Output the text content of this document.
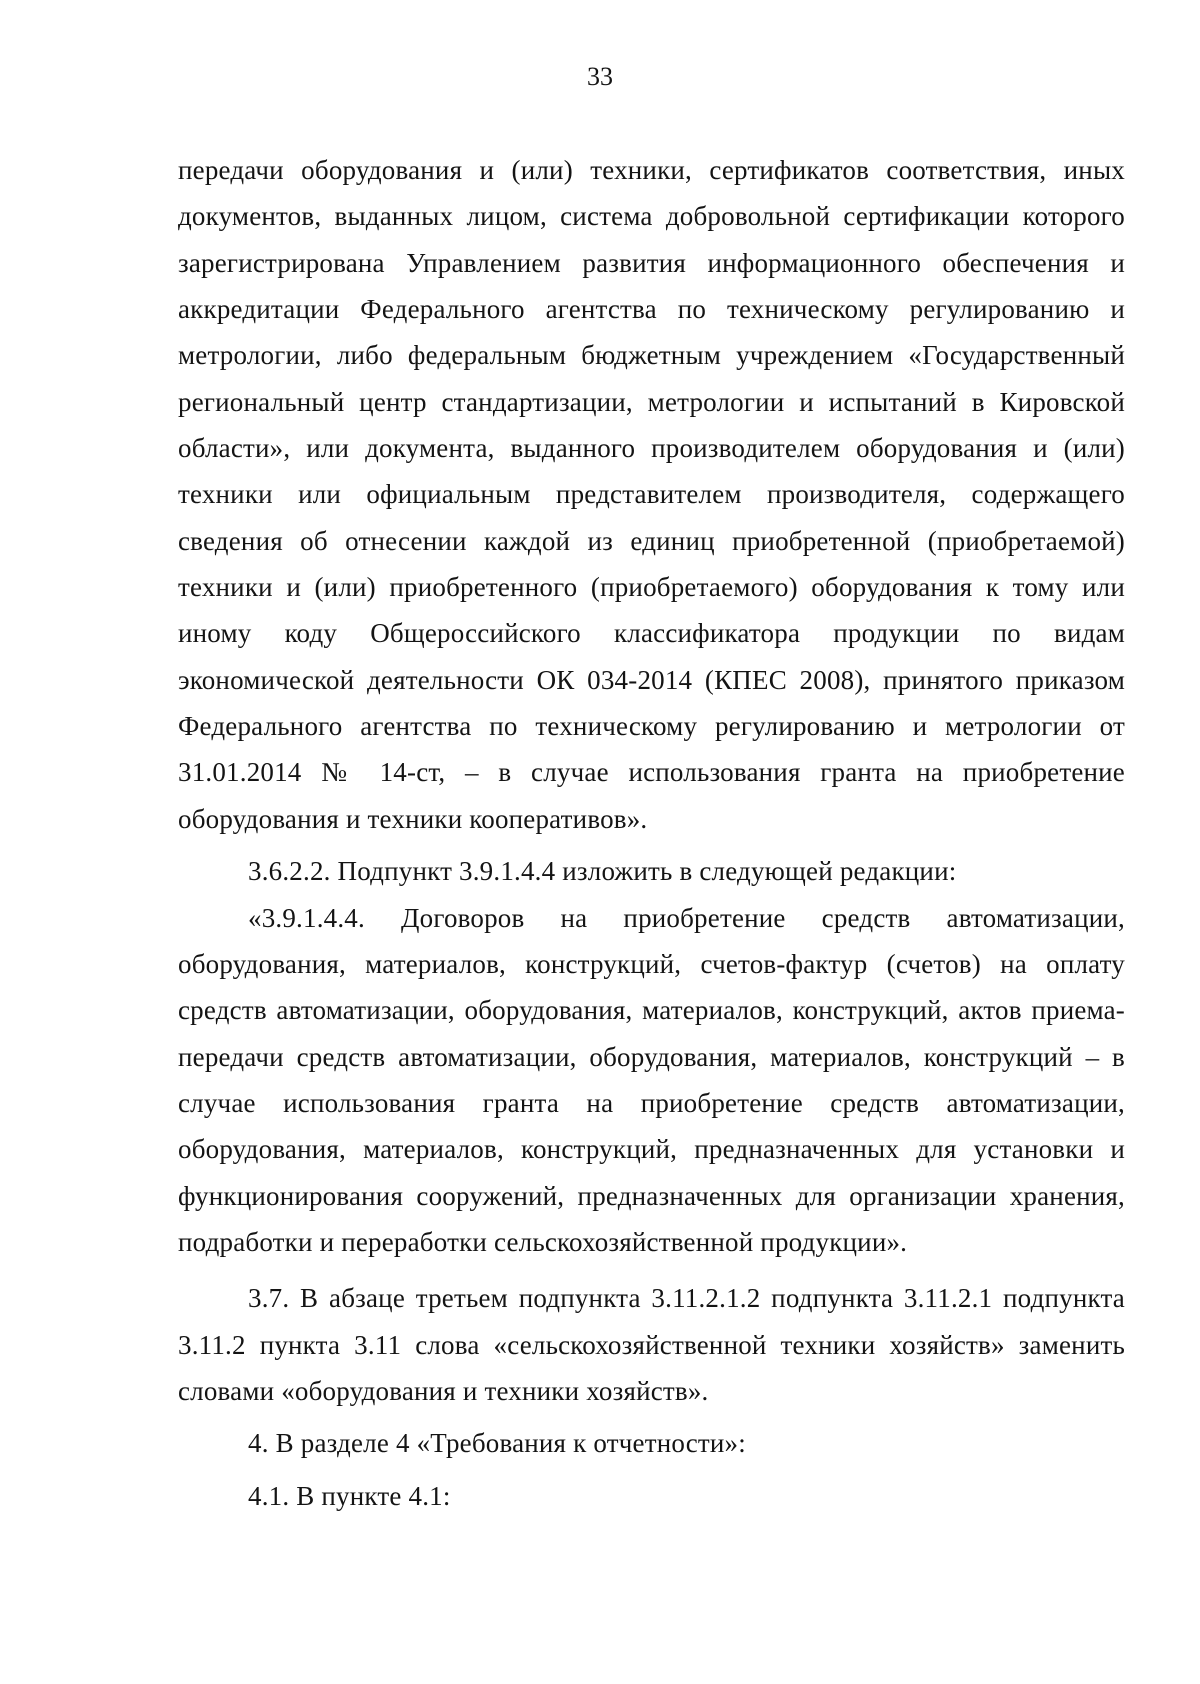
33

передачи оборудования и (или) техники, сертификатов соответствия, иных документов, выданных лицом, система добровольной сертификации которого зарегистрирована Управлением развития информационного обеспечения и аккредитации Федерального агентства по техническому регулированию и метрологии, либо федеральным бюджетным учреждением «Государственный региональный центр стандартизации, метрологии и испытаний в Кировской области», или документа, выданного производителем оборудования и (или) техники или официальным представителем производителя, содержащего сведения об отнесении каждой из единиц приобретенной (приобретаемой) техники и (или) приобретенного (приобретаемого) оборудования к тому или иному коду Общероссийского классификатора продукции по видам экономической деятельности ОК 034-2014 (КПЕС 2008), принятого приказом Федерального агентства по техническому регулированию и метрологии от 31.01.2014 № 14-ст, – в случае использования гранта на приобретение оборудования и техники кооперативов».

3.6.2.2. Подпункт 3.9.1.4.4 изложить в следующей редакции:

«3.9.1.4.4. Договоров на приобретение средств автоматизации, оборудования, материалов, конструкций, счетов-фактур (счетов) на оплату средств автоматизации, оборудования, материалов, конструкций, актов приема-передачи средств автоматизации, оборудования, материалов, конструкций – в случае использования гранта на приобретение средств автоматизации, оборудования, материалов, конструкций, предназначенных для установки и функционирования сооружений, предназначенных для организации хранения, подработки и переработки сельскохозяйственной продукции».

3.7. В абзаце третьем подпункта 3.11.2.1.2 подпункта 3.11.2.1 подпункта 3.11.2 пункта 3.11 слова «сельскохозяйственной техники хозяйств» заменить словами «оборудования и техники хозяйств».

4. В разделе 4 «Требования к отчетности»:

4.1. В пункте 4.1:
